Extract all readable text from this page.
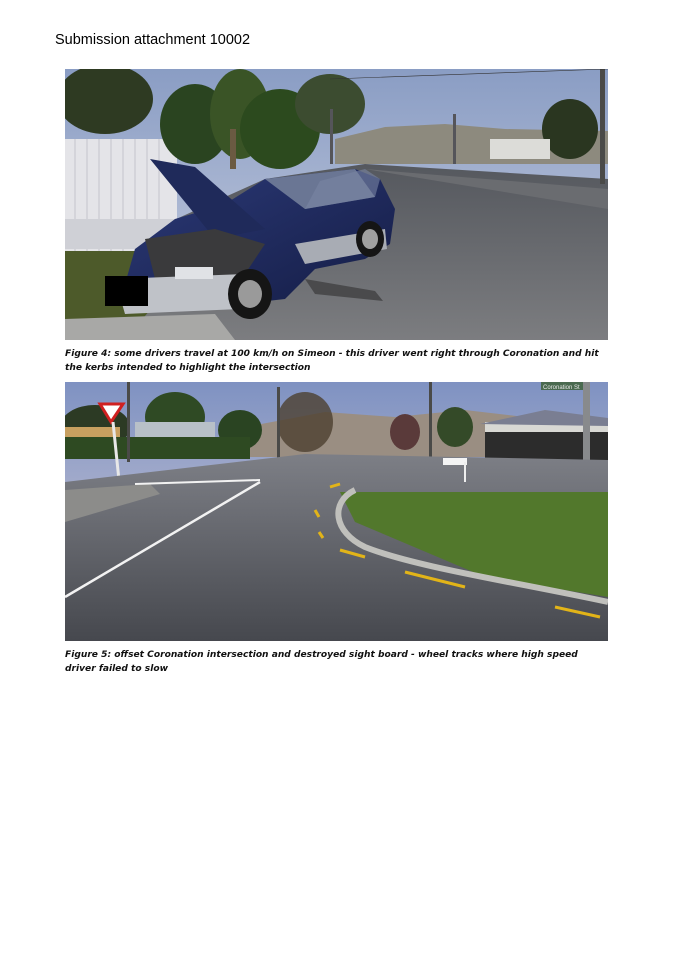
Submission attachment 10002
Figure 4: some drivers travel at 100 km/h on Simeon - this driver went right through Coronation and hit the kerbs intended to highlight the intersection
Coronation St
Figure 5: offset Coronation intersection and destroyed sight board - wheel tracks where high speed driver failed to slow
